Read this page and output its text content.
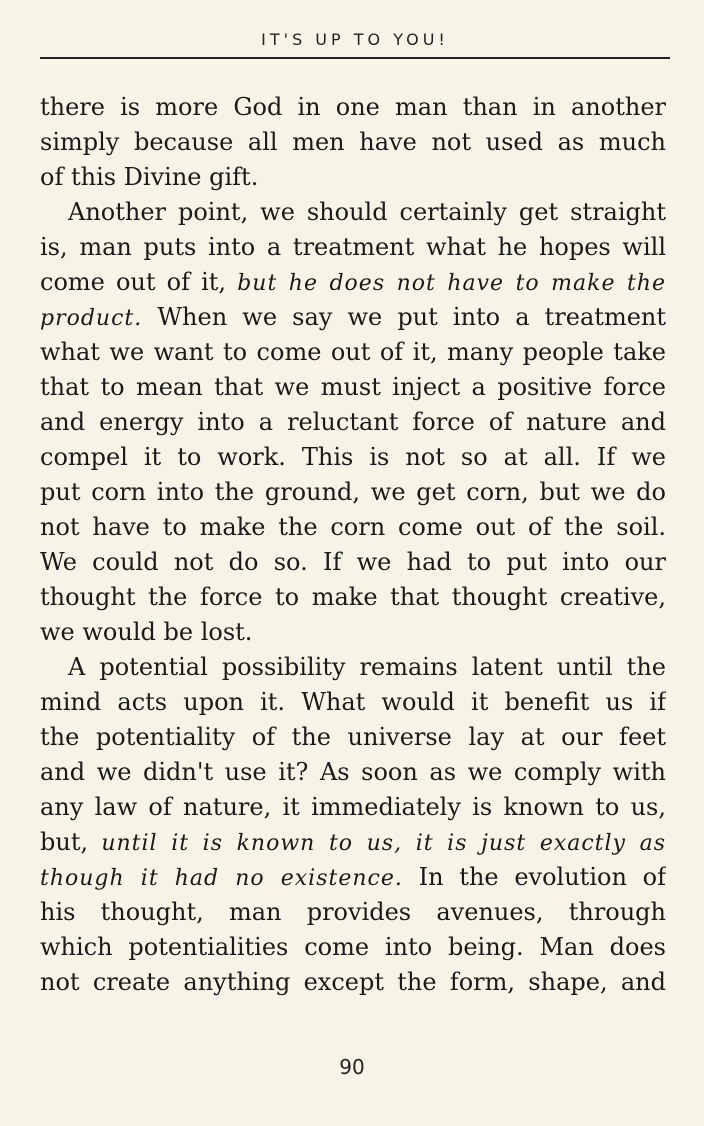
IT'S UP TO YOU!
there is more God in one man than in another
simply because all men have not used as much
of this Divine gift.
Another point, we should certainly get straight
is, man puts into a treatment what he hopes will
come out of it, but he does not have to make the
product. When we say we put into a treatment
what we want to come out of it, many people take
that to mean that we must inject a positive force
and energy into a reluctant force of nature and
compel it to work. This is not so at all. If we
put corn into the ground, we get corn, but we do
not have to make the corn come out of the soil.
We could not do so. If we had to put into our
thought the force to make that thought creative,
we would be lost.
A potential possibility remains latent until the
mind acts upon it. What would it benefit us if
the potentiality of the universe lay at our feet
and we didn't use it? As soon as we comply with
any law of nature, it immediately is known to us,
but, until it is known to us, it is just exactly as
though it had no existence. In the evolution of
his thought, man provides avenues, through
which potentialities come into being. Man does
not create anything except the form, shape, and
90
